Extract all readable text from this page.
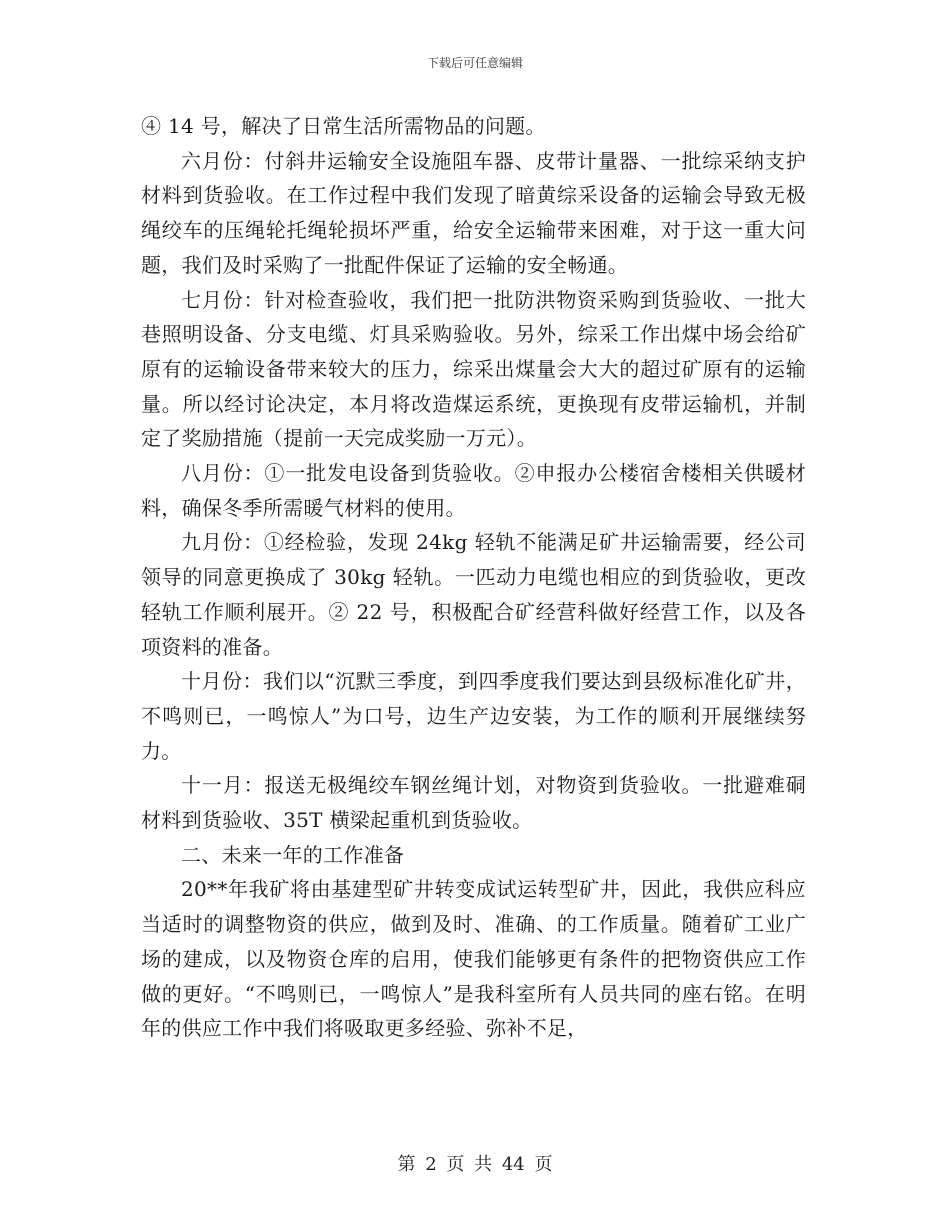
下载后可任意编辑

④ 14 号，解决了日常生活所需物品的问题。

六月份：付斜井运输安全设施阻车器、皮带计量器、一批综采纳支护材料到货验收。在工作过程中我们发现了暗黄综采设备的运输会导致无极绳绞车的压绳轮托绳轮损坏严重，给安全运输带来困难，对于这一重大问题，我们及时采购了一批配件保证了运输的安全畅通。

七月份：针对检查验收，我们把一批防洪物资采购到货验收、一批大巷照明设备、分支电缆、灯具采购验收。另外，综采工作出煤中场会给矿原有的运输设备带来较大的压力，综采出煤量会大大的超过矿原有的运输量。所以经讨论决定，本月将改造煤运系统，更换现有皮带运输机，并制定了奖励措施（提前一天完成奖励一万元）。

八月份：①一批发电设备到货验收。②申报办公楼宿舍楼相关供暖材料，确保冬季所需暖气材料的使用。

九月份：①经检验，发现 24kg 轻轨不能满足矿井运输需要，经公司领导的同意更换成了 30kg 轻轨。一匹动力电缆也相应的到货验收，更改轻轨工作顺利展开。② 22 号，积极配合矿经营科做好经营工作，以及各项资料的准备。

十月份：我们以“沉默三季度，到四季度我们要达到县级标准化矿井，不鸣则已，一鸣惊人”为口号，边生产边安装，为工作的顺利开展继续努力。

十一月：报送无极绳绞车钢丝绳计划，对物资到货验收。一批避难硐材料到货验收、35T 横梁起重机到货验收。

二、未来一年的工作准备

20**年我矿将由基建型矿井转变成试运转型矿井，因此，我供应科应当适时的调整物资的供应，做到及时、准确、的工作质量。随着矿工业广场的建成，以及物资仓库的启用，使我们能够更有条件的把物资供应工作做的更好。“不鸣则已，一鸣惊人”是我科室所有人员共同的座右铭。在明年的供应工作中我们将吸取更多经验、弥补不足，

第 2 页 共 44 页
